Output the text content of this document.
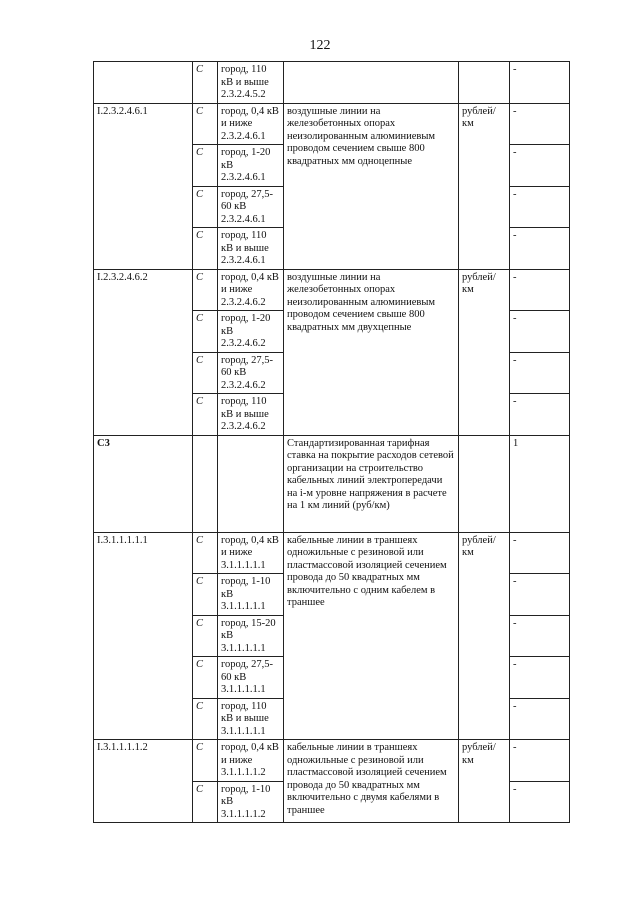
122
	C	город, 110 кВ и выше 2.3.2.4.5.2			-
I.2.3.2.4.6.1	C	город, 0,4 кВ и ниже 2.3.2.4.6.1	воздушные линии на железобетонных опорах неизолированным алюминиевым проводом сечением свыше 800 квадратных мм одноцепные	рублей/км	-
	C	город, 1-20 кВ 2.3.2.4.6.1			-
	C	город, 27,5-60 кВ 2.3.2.4.6.1			-
	C	город, 110 кВ и выше 2.3.2.4.6.1			-
I.2.3.2.4.6.2	C	город, 0,4 кВ и ниже 2.3.2.4.6.2	воздушные линии на железобетонных опорах неизолированным алюминиевым проводом сечением свыше 800 квадратных мм двухцепные	рублей/км	-
	C	город, 1-20 кВ 2.3.2.4.6.2			-
	C	город, 27,5-60 кВ 2.3.2.4.6.2			-
	C	город, 110 кВ и выше 2.3.2.4.6.2			-
C3			Стандартизированная тарифная ставка на покрытие расходов сетевой организации на строительство кабельных линий электропередачи на i-м уровне напряжения в расчете на 1 км линий (руб/км)		1
I.3.1.1.1.1.1	C	город, 0,4 кВ и ниже 3.1.1.1.1.1	кабельные линии в траншеях одножильные с резиновой или пластмассовой изоляцией сечением провода до 50 квадратных мм включительно с одним кабелем в траншее	рублей/км	-
	C	город, 1-10 кВ 3.1.1.1.1.1			-
	C	город, 15-20 кВ 3.1.1.1.1.1			-
	C	город, 27,5-60 кВ 3.1.1.1.1.1			-
	C	город, 110 кВ и выше 3.1.1.1.1.1			-
I.3.1.1.1.1.2	C	город, 0,4 кВ и ниже 3.1.1.1.1.2	кабельные линии в траншеях одножильные с резиновой или пластмассовой изоляцией сечением провода до 50 квадратных мм включительно с двумя кабелями в траншее	рублей/км	-
	C	город, 1-10 кВ 3.1.1.1.1.2			-
